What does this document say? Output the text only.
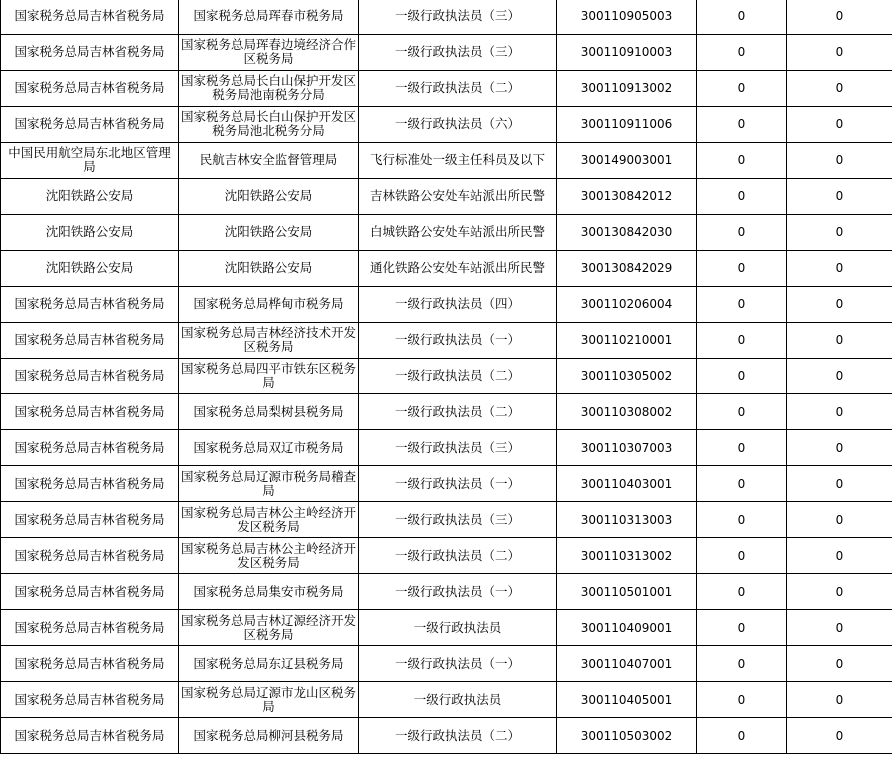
国家税务总局吉林省税务局	国家税务总局珲春市税务局	一级行政执法员（三）	300110905003	0	0
国家税务总局吉林省税务局	国家税务总局珲春边境经济合作区税务局	一级行政执法员（三）	300110910003	0	0
国家税务总局吉林省税务局	国家税务总局长白山保护开发区税务局池南税务分局	一级行政执法员（二）	300110913002	0	0
国家税务总局吉林省税务局	国家税务总局长白山保护开发区税务局池北税务分局	一级行政执法员（六）	300110911006	0	0
中国民用航空局东北地区管理局	民航吉林安全监督管理局	飞行标准处一级主任科员及以下	300149003001	0	0
沈阳铁路公安局	沈阳铁路公安局	吉林铁路公安处车站派出所民警	300130842012	0	0
沈阳铁路公安局	沈阳铁路公安局	白城铁路公安处车站派出所民警	300130842030	0	0
沈阳铁路公安局	沈阳铁路公安局	通化铁路公安处车站派出所民警	300130842029	0	0
国家税务总局吉林省税务局	国家税务总局桦甸市税务局	一级行政执法员（四）	300110206004	0	0
国家税务总局吉林省税务局	国家税务总局吉林经济技术开发区税务局	一级行政执法员（一）	300110210001	0	0
国家税务总局吉林省税务局	国家税务总局四平市铁东区税务局	一级行政执法员（二）	300110305002	0	0
国家税务总局吉林省税务局	国家税务总局梨树县税务局	一级行政执法员（二）	300110308002	0	0
国家税务总局吉林省税务局	国家税务总局双辽市税务局	一级行政执法员（三）	300110307003	0	0
国家税务总局吉林省税务局	国家税务总局辽源市税务局稽查局	一级行政执法员（一）	300110403001	0	0
国家税务总局吉林省税务局	国家税务总局吉林公主岭经济开发区税务局	一级行政执法员（三）	300110313003	0	0
国家税务总局吉林省税务局	国家税务总局吉林公主岭经济开发区税务局	一级行政执法员（二）	300110313002	0	0
国家税务总局吉林省税务局	国家税务总局集安市税务局	一级行政执法员（一）	300110501001	0	0
国家税务总局吉林省税务局	国家税务总局吉林辽源经济开发区税务局	一级行政执法员	300110409001	0	0
国家税务总局吉林省税务局	国家税务总局东辽县税务局	一级行政执法员（一）	300110407001	0	0
国家税务总局吉林省税务局	国家税务总局辽源市龙山区税务局	一级行政执法员	300110405001	0	0
国家税务总局吉林省税务局	国家税务总局柳河县税务局	一级行政执法员（二）	300110503002	0	0
